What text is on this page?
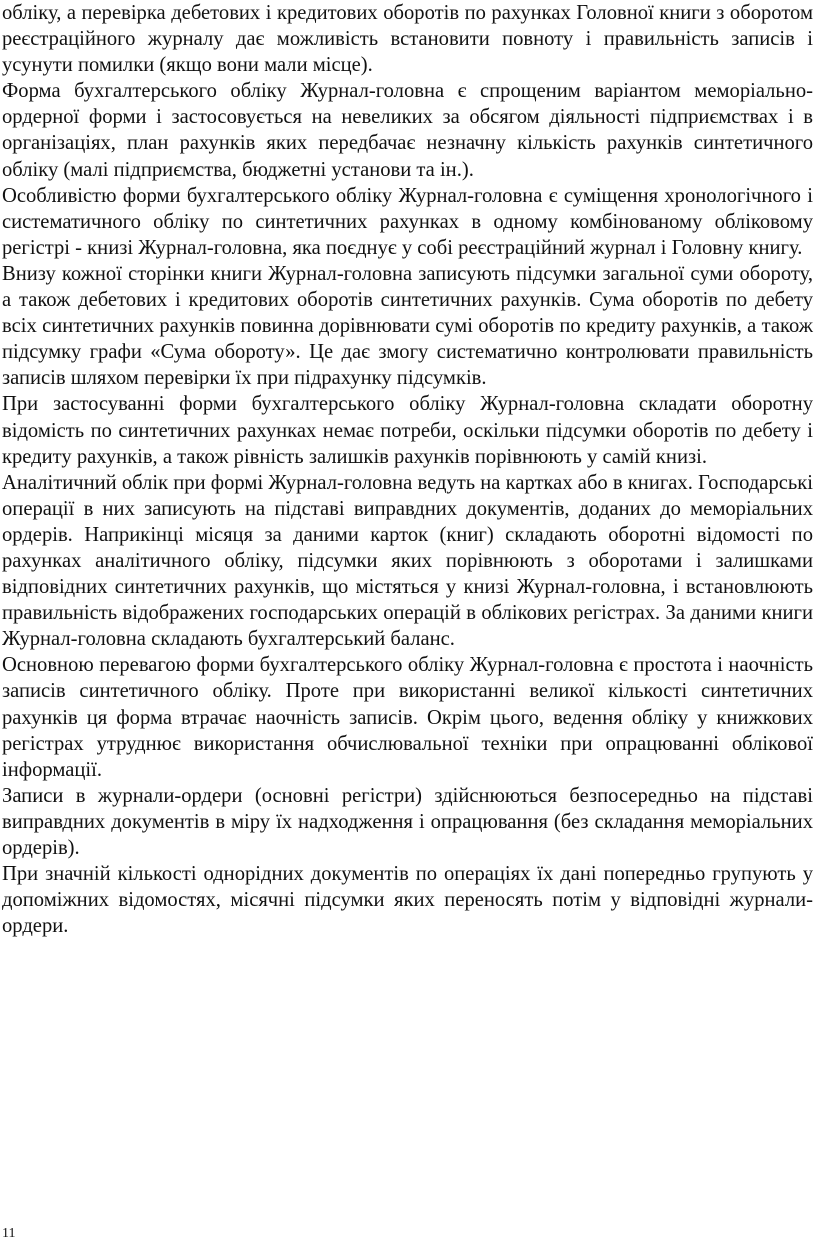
обліку, а перевірка дебетових і кредитових оборотів по рахунках Головної книги з оборотом реєстраційного журналу дає можливість встановити повноту і правильність записів і усунути помилки (якщо вони мали місце).

Форма бухгалтерського обліку Журнал-головна є спрощеним варіантом меморіально-ордерної форми і застосовується на невеликих за обсягом діяльності підприємствах і в організаціях, план рахунків яких передбачає незначну кількість рахунків синтетичного обліку (малі підприємства, бюджетні установи та ін.).

Особливістю форми бухгалтерського обліку Журнал-головна є суміщення хронологічного і систематичного обліку по синтетичних рахунках в одному комбінованому обліковому регістрі - книзі Журнал-головна, яка поєднує у собі реєстраційний журнал і Головну книгу.

Внизу кожної сторінки книги Журнал-головна записують підсумки загальної суми обороту, а також дебетових і кредитових оборотів синтетичних рахунків. Сума оборотів по дебету всіх синтетичних рахунків повинна дорівнювати сумі оборотів по кредиту рахунків, а також підсумку графи «Сума обороту». Це дає змогу систематично контролювати правильність записів шляхом перевірки їх при підрахунку підсумків.

При застосуванні форми бухгалтерського обліку Журнал-головна складати оборотну відомість по синтетичних рахунках немає потреби, оскільки підсумки оборотів по дебету і кредиту рахунків, а також рівність залишків рахунків порівнюють у самій книзі.

Аналітичний облік при формі Журнал-головна ведуть на картках або в книгах. Господарські операції в них записують на підставі виправдних документів, доданих до меморіальних ордерів. Наприкінці місяця за даними карток (книг) складають оборотні відомості по рахунках аналітичного обліку, підсумки яких порівнюють з оборотами і залишками відповідних синтетичних рахунків, що містяться у книзі Журнал-головна, і встановлюють правильність відображених господарських операцій в облікових регістрах. За даними книги Журнал-головна складають бухгалтерський баланс.

Основною перевагою форми бухгалтерського обліку Журнал-головна є простота і наочність записів синтетичного обліку. Проте при використанні великої кількості синтетичних рахунків ця форма втрачає наочність записів. Окрім цього, ведення обліку у книжкових регістрах утруднює використання обчислювальної техніки при опрацюванні облікової інформації.

Записи в журнали-ордери (основні регістри) здійснюються безпосередньо на підставі виправдних документів в міру їх надходження і опрацювання (без складання меморіальних ордерів).

При значній кількості однорідних документів по операціях їх дані попередньо групують у допоміжних відомостях, місячні підсумки яких переносять потім у відповідні журнали-ордери.

11
